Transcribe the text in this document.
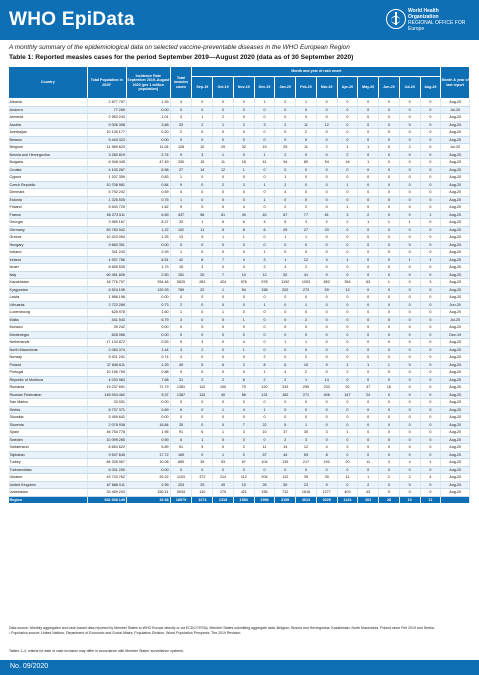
WHO EpiData	World Health
Organization
REGIONAL OFFICE FOR Europe
A monthly summary of the epidemiological data on selected vaccine-preventable diseases in the WHO European Region
Table 1: Reported measles cases for the period September 2019—August 2020 (data as of 30 September 2020)
Country	Total Population in 2020¹	Incidence Rate September 2019–August 2020 (per 1 million population)	Total measles cases	Month and year of rash onset												Month & year of last report
				Sep-19	Oct-19	Nov-19	Dec-19	Jan-20	Feb-20	Mar-20	Apr-20	May-20	Jun-20	Jul-20	Aug-20	
Albania	2 877 797	1.39	4	0	0	0	1	2	1	0	0	0	0	0	0	Aug-20
Andorra	77 265	0.00	0	0	0	0	0	0	0	0	0	0	0	0	0	Jul-20
Armenia	2 963 243	1.01	3	1	2	0	0	0	0	0	0	0	0	0	0	Aug-20
Austria	9 006 398	3.66	33	2	1	2	3	2	11	12	0	0	0	0	0	Aug-20
Azerbaijan	10 139 177	0.20	2	0	0	0	0	0	2	0	0	0	0	0	0	Aug-20
Belarus	9 449 323	0.00	0	0	0	0	0	0	0	0	0	0	0	0	0	Aug-20
Belgium	11 589 623	11.04	128	10	29	32	15	25	11	2	1	1	0	2	0	Jul-20
Bosnia and Herzegovina	3 280 819	2.74	9	3	1	0	1	2	0	0	2	0	0	0	0	Aug-20
Bulgaria	6 948 445	47.49	330	15	11	18	41	94	80	54	16	1	0	0	0	Aug-20
Croatia	4 105 267	6.58	27	14	12	1	0	0	0	0	0	0	0	0	0	Aug-20
Cyprus	1 207 359	0.83	1	0	0	0	0	1	0	0	0	0	0	0	0	Aug-20
Czech Republic	10 708 981	0.84	9	0	2	3	1	2	0	0	1	0	0	0	0	Aug-20
Denmark	5 792 202	0.69	4	0	0	0	0	4	0	0	0	0	0	0	0	Aug-20
Estonia	1 326 535	0.75	1	0	0	0	1	0	0	0	0	0	0	0	0	Aug-20
Finland	5 540 720	1.62	9	0	0	4	0	2	2	0	1	0	0	0	0	Aug-20
France	65 273 511	6.69	437	56	61	49	40	87	77	61	3	2	0	0	1	Aug-20
Georgia	3 989 167	8.27	33	1	6	6	4	6	3	2	2	1	1	1	0	Aug-20
Germany	83 783 942	1.22	102	11	5	8	6	25	27	20	0	0	0	0	0	Aug-20
Greece	10 423 054	1.25	13	9	1	1	0	1	1	0	0	0	0	0	0	Aug-20
Hungary	9 660 351	0.00	0	0	0	0	0	0	0	0	0	0	0	0	0	Aug-20
Iceland	341 243	2.93	1	0	0	0	1	0	0	0	0	0	0	0	0	Aug-20
Ireland	4 937 786	8.51	42	8	7	4	3	1	12	4	1	0	0	1	1	Aug-20
Israel	8 655 535	1.73	15	3	0	4	2	4	2	0	0	0	0	0	0	Aug-20
Italy	60 461 826	2.50	151	20	7	10	12	52	41	9	0	0	0	0	0	Aug-20
Kazakhstan	18 776 707	294.46	5529	283	424	576	978	1192	1003	652	354	63	1	0	3	Aug-20
Kyrgyzstan	6 524 195	120.93	789	22	1	54	158	202	273	59	13	0	0	0	0	Aug-20
Latvia	1 886 198	0.00	0	0	0	0	0	0	0	0	0	0	0	0	0	Aug-20
Lithuania	2 722 289	0.73	2	0	0	0	1	0	1	0	0	0	0	0	0	Jun-20
Luxembourg	625 978	1.60	1	0	1	0	0	0	0	0	0	0	0	0	0	Aug-20
Malta	441 543	6.79	3	0	0	1	0	0	2	0	0	0	0	0	0	Jul-20
Monaco	39 242	0.00	0	0	0	0	0	0	0	0	0	0	0	0	0	Aug-20
Montenegro	628 066	0.00	0	0	0	0	0	0	0	0	0	0	0	0	0	Dec-19
Netherlands	17 134 872	0.53	9	3	0	4	0	1	1	0	0	0	0	0	0	Aug-20
North Macedonia	2 083 374	1.44	3	2	0	1	0	0	0	0	0	0	0	0	0	Aug-20
Norway	5 421 241	0.74	4	0	0	0	2	0	2	0	0	0	0	0	0	Aug-20
Poland	37 846 611	1.29	49	5	6	2	8	6	10	9	1	1	1	0	0	Aug-20
Portugal	10 196 709	0.88	9	0	0	0	1	4	2	0	2	0	0	0	0	Aug-20
Republic of Moldova	4 033 963	7.68	31	2	2	8	2	2	1	14	0	0	0	0	0	Aug-20
Romania	19 237 691	71.79	1381	112	100	79	120	333	259	233	92	37	16	0	0	Aug-20
Russian Federation	145 934 462	9.37	1367	110	40	56	131	182	271	406	147	24	0	0	0	Aug-20
San Marino	33 931	0.00	0	0	0	0	0	0	0	0	0	0	0	0	0	Aug-20
Serbia	8 737 371	0.69	6	0	1	4	1	0	0	0	0	0	0	0	0	Aug-20
Slovakia	5 459 642	0.00	0	0	0	0	0	0	0	0	0	0	0	0	0	Aug-20
Slovenia	2 078 938	16.84	35	0	0	7	22	5	1	0	0	0	0	0	0	Aug-20
Spain	46 754 778	1.95	91	6	1	3	10	37	30	3	1	0	0	0	0	Aug-20
Sweden	10 099 265	0.59	6	1	0	0	0	2	3	0	0	0	0	0	0	Aug-20
Switzerland	8 654 622	5.89	51	5	0	2	11	14	12	4	3	0	0	0	0	Aug-20
Tajikistan	9 537 645	17.72	169	0	1	0	57	44	59	8	0	0	0	0	0	Aug-20
Turkey	84 339 067	10.08	850	39	53	67	104	139	217	192	20	11	3	4	1	Aug-20
Turkmenistan	6 031 200	0.00	0	0	0	0	0	0	0	0	0	0	0	0	0	Aug-20
Ukraine	43 733 762	25.22	1103	372	214	112	204	112	39	30	11	1	2	2	4	Aug-20
United Kingdom	67 886 011	2.99	203	29	49	15	26	50	23	9	0	2	0	0	0	Aug-20
Uzbekistan	33 469 203	150.41	5034	130	275	421	155	712	1618	1277	403	43	0	0	0	Aug-20
Region	932 698 149	19.38	18079	1274	1318	1554	1998	3159	4013	3025	1124	202	28	10	11	
Data source: Monthly aggregated and case-based data reported by Member States to WHO Europe directly or via ECDC/TESSy. Member States submitting aggregate data: Belgium, Bosnia and Herzegovina, Kazakhstan, North Macedonia, Poland since Feb 2019 and Serbia.
¹ Population source: United Nations, Department of Economic and Social Affairs, Population Division. World Population Prospects: The 2019 Revision.
Tables 1–4, criteria for date of case inclusion may differ in accordance with Member States' surveillance systems.
No. 09/2020
